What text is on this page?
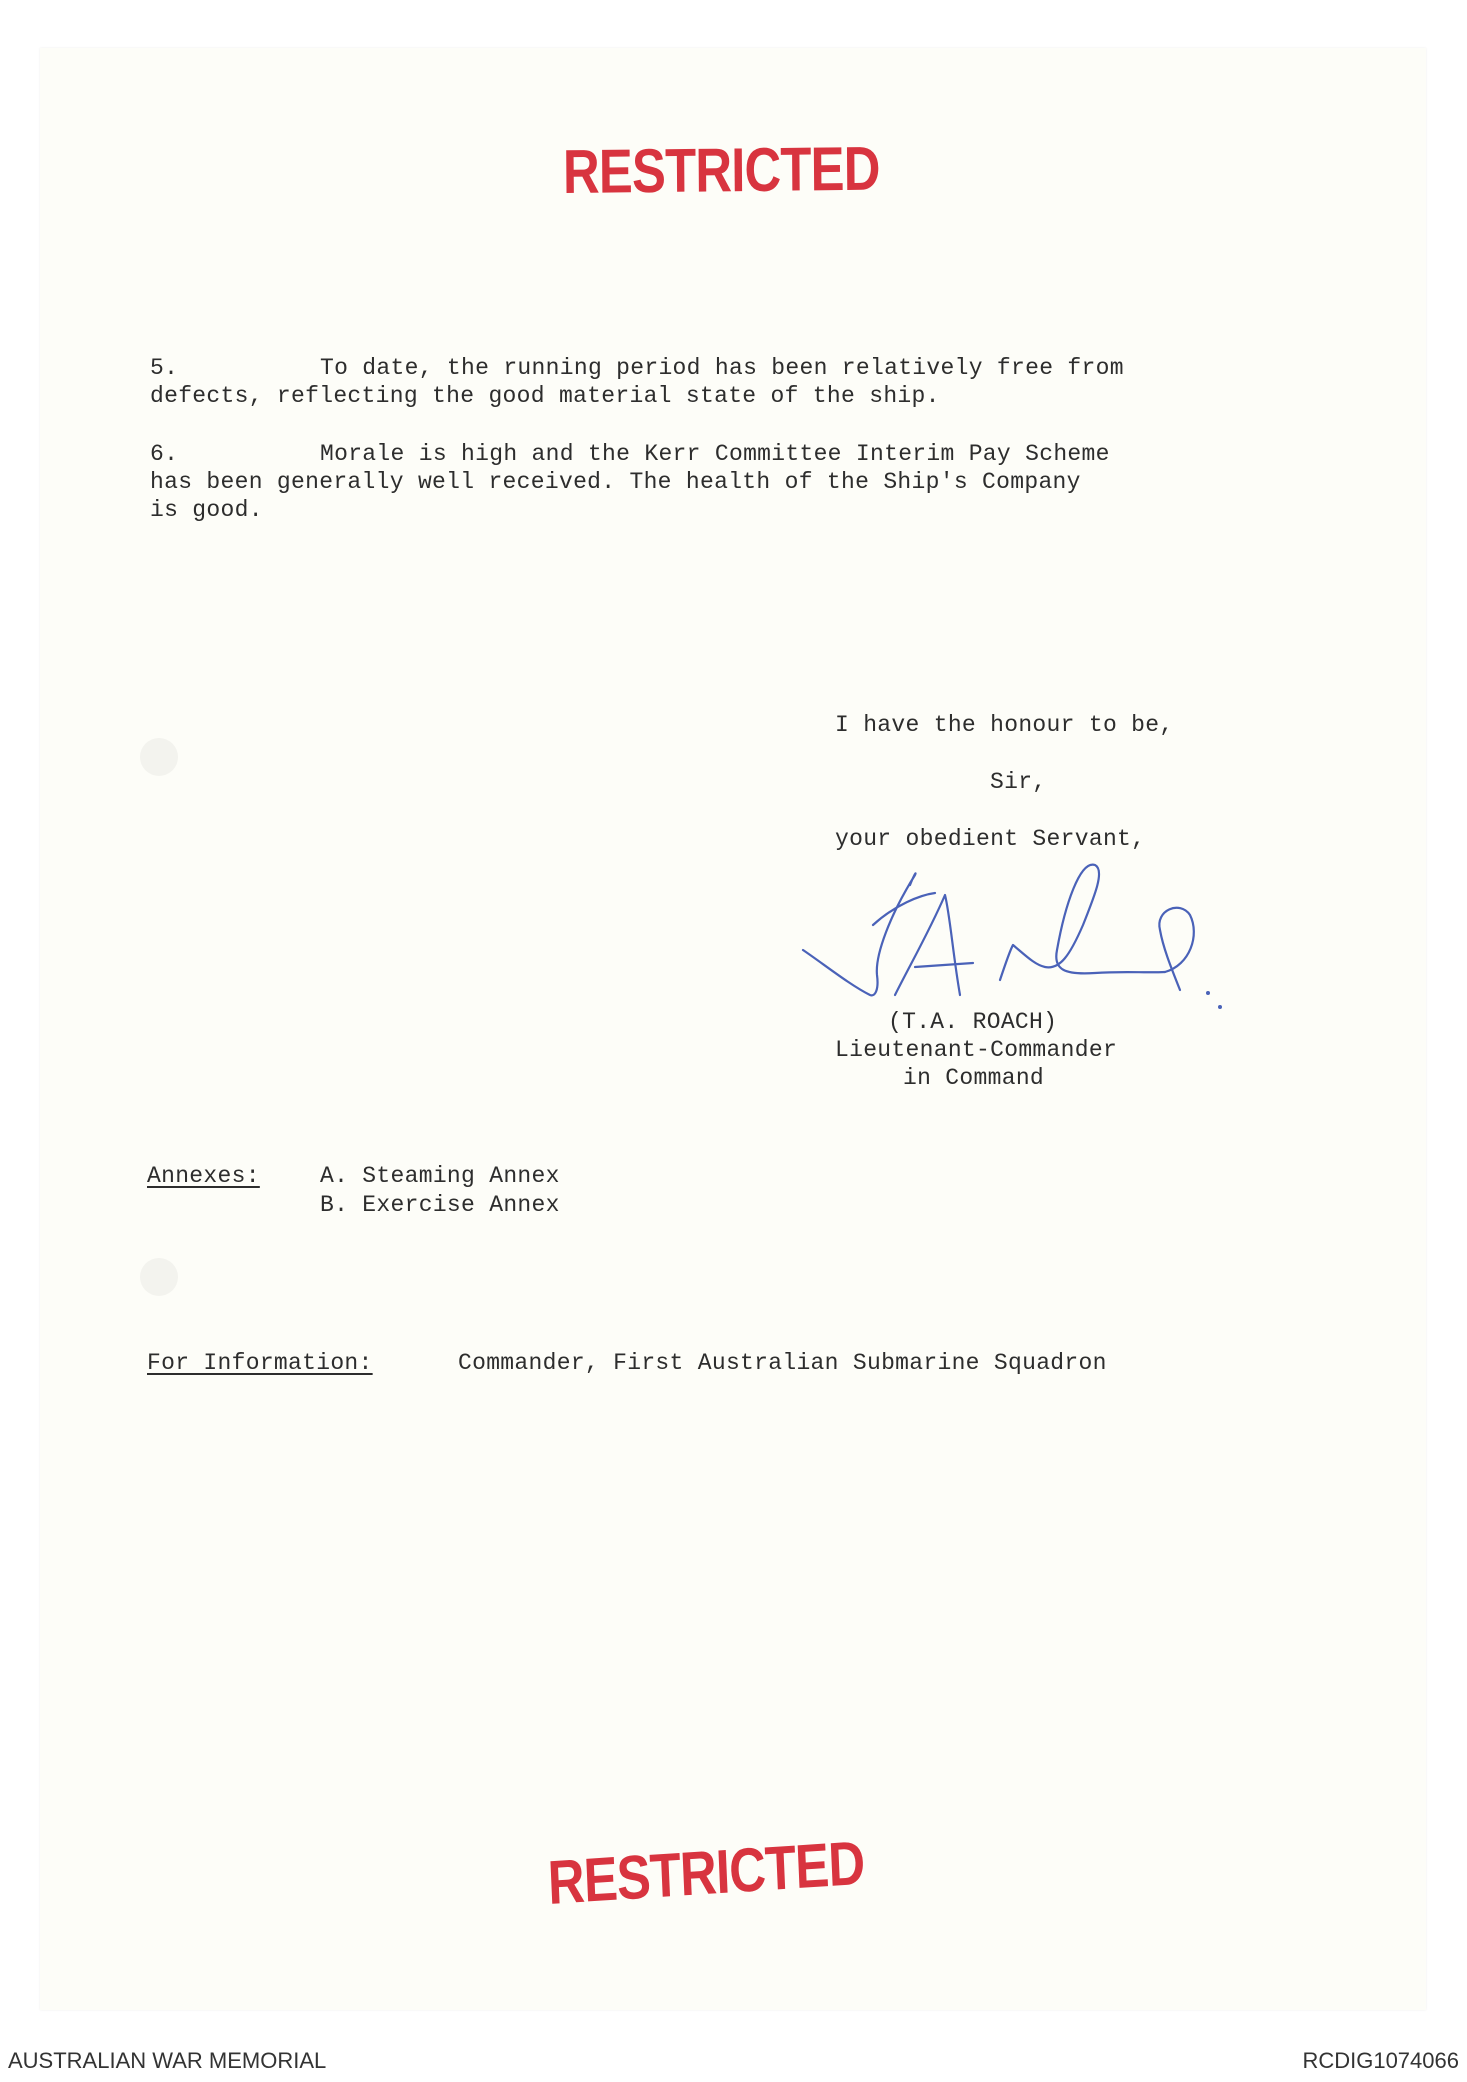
RESTRICTED
5.	To date, the running period has been relatively free from
defects, reflecting the good material state of the ship.
6.	Morale is high and the Kerr Committee Interim Pay Scheme
has been generally well received. The health of the Ship's Company
is good.
I have the honour to be,
Sir,
your obedient Servant,
(T.A. ROACH)
Lieutenant-Commander
in Command
Annexes:	A. Steaming Annex
B. Exercise Annex
For Information:	Commander, First Australian Submarine Squadron
RESTRICTED
AUSTRALIAN WAR MEMORIAL	RCDIG1074066
